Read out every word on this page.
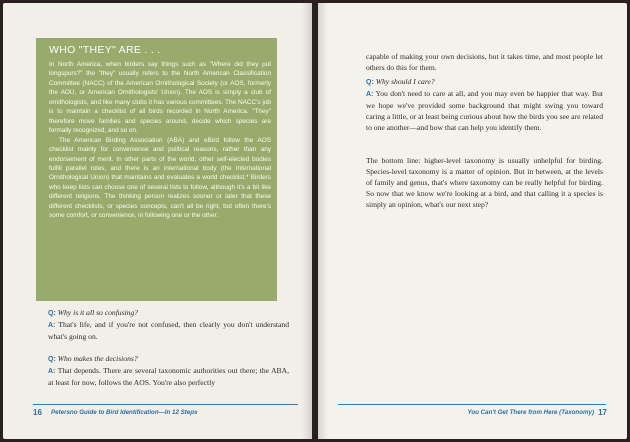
WHO "THEY" ARE . . .

In North America, when birders say things such as "Where did they put longspurs?" the "they" usually refers to the North American Classification Committee (NACC) of the American Ornithological Society (or AOS, formerly the AOU, or American Ornithologists' Union). The AOS is simply a club of ornithologists, and like many clubs it has various committees. The NACC's job is to maintain a checklist of all birds recorded in North America. "They" therefore move families and species around, decide which species are formally recognized, and so on.

The American Birding Association (ABA) and eBird follow the AOS checklist mainly for convenience and political reasons, rather than any endorsement of merit. In other parts of the world, other self-elected bodies fulfill parallel roles, and there is an international body (the International Ornithological Union) that maintains and evaluates a world checklist.* Birders who keep lists can choose one of several lists to follow, although it's a bit like different religions. The thinking person realizes sooner or later that these different checklists, or species concepts, can't all be right, but often there's some comfort, or convenience, in following one or the other.

Q: Why is it all so confusing?

A: That's life, and if you're not confused, then clearly you don't understand what's going on.

Q: Who makes the decisions?

A: That depends. There are several taxonomic authorities out there; the ABA, at least for now, follows the AOS. You're also perfectly

16 Petersno Guide to Bird Identification—In 12 Steps

capable of making your own decisions, but it takes time, and most people let others do this for them.

Q: Why should I care?

A: You don't need to care at all, and you may even be happier that way. But we hope we've provided some background that might swing you toward caring a little, or at least being curious about how the birds you see are related to one another—and how that can help you identify them.

The bottom line: higher-level taxonomy is usually unhelpful for birding. Species-level taxonomy is a matter of opinion. But in between, at the levels of family and genus, that's where taxonomy can be really helpful for birding. So now that we know we're looking at a bird, and that calling it a species is simply an opinion, what's our next step?

You Can't Get There from Here (Taxonomy) 17
